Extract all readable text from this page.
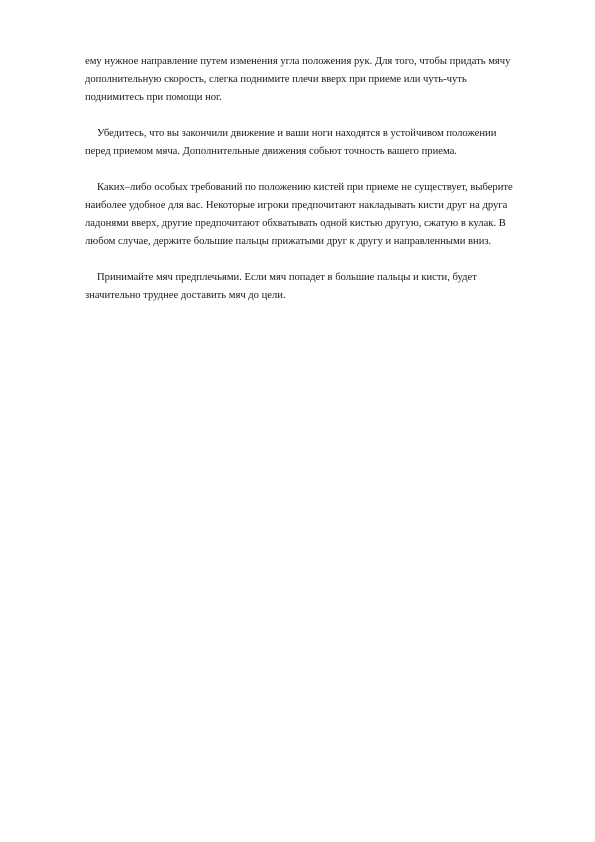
ему нужное направление путем изменения угла положения рук. Для того, чтобы придать мячу дополнительную скорость, слегка поднимите плечи вверх при приеме или чуть-чуть поднимитесь при помощи ног.

Убедитесь, что вы закончили движение и ваши ноги находятся в устойчивом положении перед приемом мяча. Дополнительные движения собьют точность вашего приема.

Каких–либо особых требований по положению кистей при приеме не существует, выберите наиболее удобное для вас. Некоторые игроки предпочитают накладывать кисти друг на друга ладонями вверх, другие предпочитают обхватывать одной кистью другую, сжатую в кулак. В любом случае, держите большие пальцы прижатыми друг к другу и направленными вниз.

Принимайте мяч предплечьями. Если мяч попадет в большие пальцы и кисти, будет значительно труднее доставить мяч до цели.
